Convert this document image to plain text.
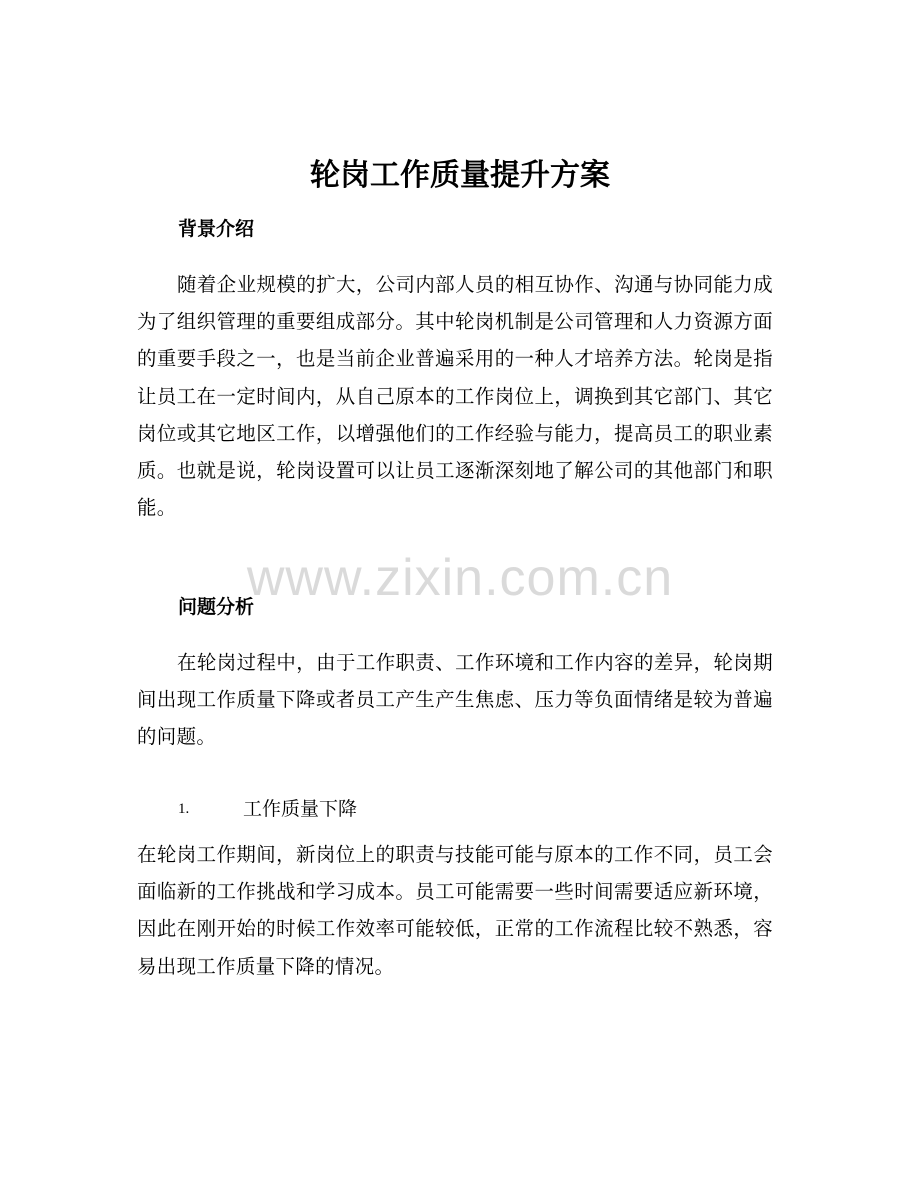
轮岗工作质量提升方案
背景介绍

随着企业规模的扩大，公司内部人员的相互协作、沟通与协同能力成为了组织管理的重要组成部分。其中轮岗机制是公司管理和人力资源方面的重要手段之一，也是当前企业普遍采用的一种人才培养方法。轮岗是指让员工在一定时间内，从自己原本的工作岗位上，调换到其它部门、其它岗位或其它地区工作，以增强他们的工作经验与能力，提高员工的职业素质。也就是说，轮岗设置可以让员工逐渐深刻地了解公司的其他部门和职能。

问题分析

在轮岗过程中，由于工作职责、工作环境和工作内容的差异，轮岗期间出现工作质量下降或者员工产生产生焦虑、压力等负面情绪是较为普遍的问题。

1.	工作质量下降

在轮岗工作期间，新岗位上的职责与技能可能与原本的工作不同，员工会面临新的工作挑战和学习成本。员工可能需要一些时间需要适应新环境，因此在刚开始的时候工作效率可能较低，正常的工作流程比较不熟悉，容易出现工作质量下降的情况。

www.zixin.com.cn
